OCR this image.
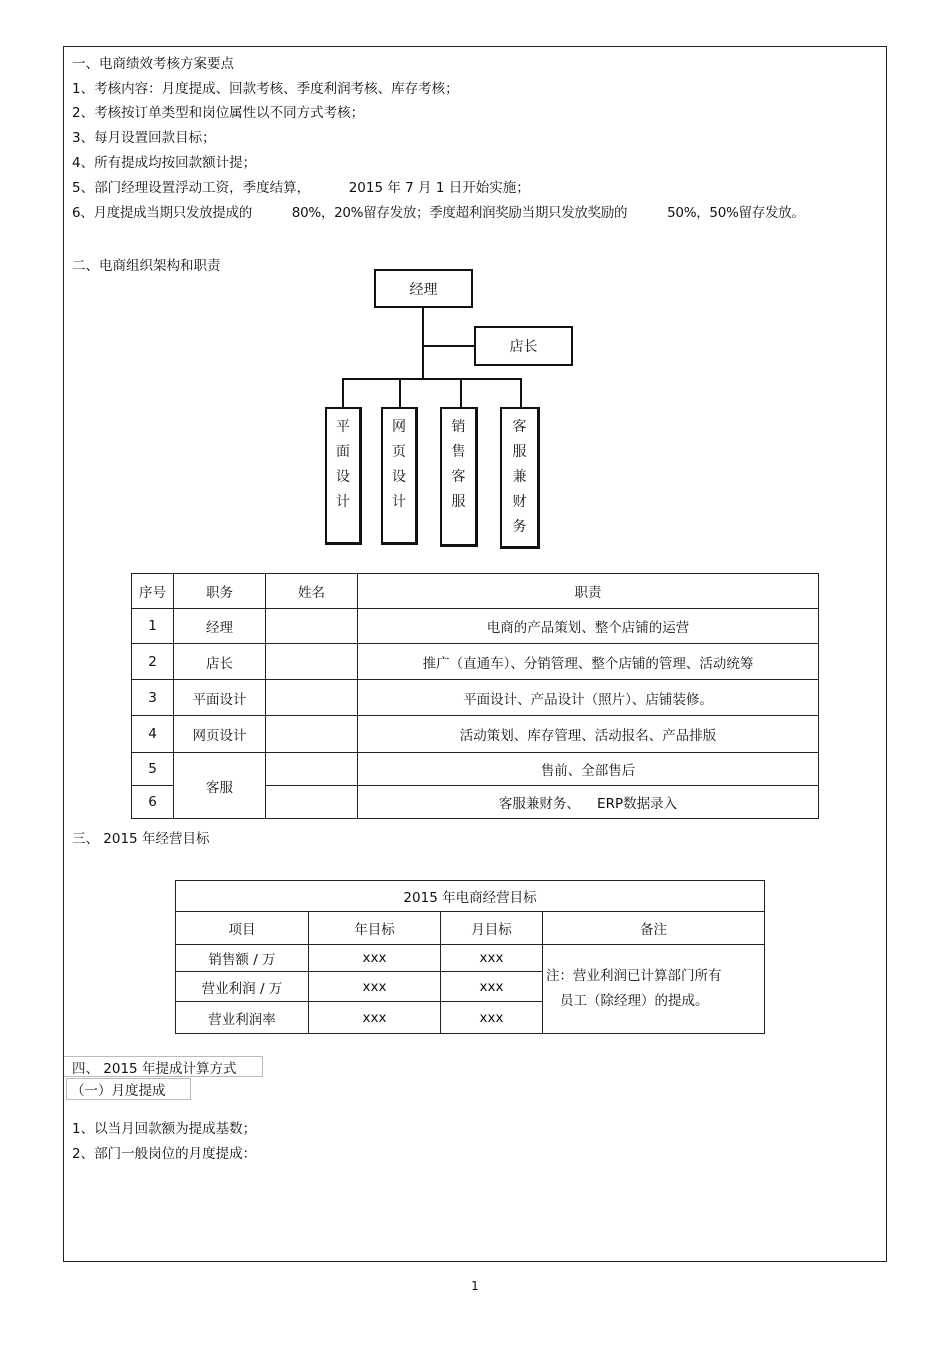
一、电商绩效考核方案要点
1、考核内容：月度提成、回款考核、季度利润考核、库存考核；
2、考核按订单类型和岗位属性以不同方式考核；
3、每月设置回款目标；
4、所有提成均按回款额计提；
5、部门经理设置浮动工资，季度结算，         2015 年 7 月 1 日开始实施；
6、月度提成当期只发放提成的          80%，20%留存发放；季度超利润奖励当期只发放奖励的          50%，50%留存发放。
二、电商组织架构和职责
经理
店长
平
面
设
计
网
页
设
计
销
售
客
服
客
服
兼
财
务
序号	职务	姓名	职责
1	经理		电商的产品策划、整个店铺的运营
2	店长		推广（直通车）、分销管理、整个店铺的管理、活动统筹
3	平面设计		平面设计、产品设计（照片）、店铺装修。
4	网页设计		活动策划、库存管理、活动报名、产品排版
5	客服		售前、全部售后
6			客服兼财务、    ERP数据录入
三、 2015 年经营目标
2015 年电商经营目标			
项目	年目标	月目标	备注
销售额 / 万	xxx	xxx	注：营业利润已计算部门所有
员工（除经理）的提成。

营业利润 / 万	xxx	xxx	
营业利润率	xxx	xxx	
四、 2015 年提成计算方式
（一）月度提成
1、以当月回款额为提成基数；
2、部门一般岗位的月度提成：
1
